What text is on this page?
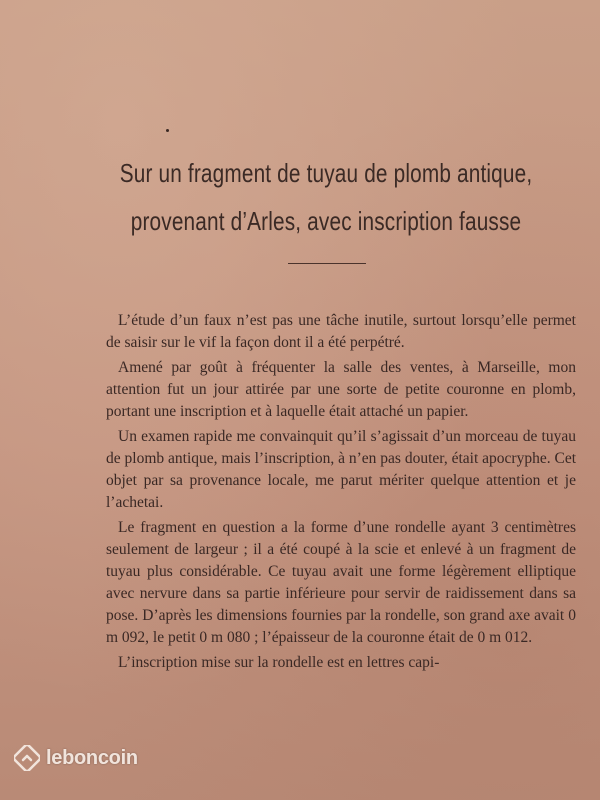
Sur un fragment de tuyau de plomb antique,
provenant d’Arles, avec inscription fausse

L’étude d’un faux n’est pas une tâche inutile, surtout lorsqu’elle permet de saisir sur le vif la façon dont il a été perpétré.

Amené par goût à fréquenter la salle des ventes, à Marseille, mon attention fut un jour attirée par une sorte de petite couronne en plomb, portant une inscription et à laquelle était attaché un papier.

Un examen rapide me convainquit qu’il s’agissait d’un morceau de tuyau de plomb antique, mais l’inscription, à n’en pas douter, était apocryphe. Cet objet par sa provenance locale, me parut mériter quelque attention et je l’achetai.

Le fragment en question a la forme d’une rondelle ayant 3 centimètres seulement de largeur ; il a été coupé à la scie et enlevé à un fragment de tuyau plus considérable. Ce tuyau avait une forme légèrement elliptique avec nervure dans sa partie inférieure pour servir de raidissement dans sa pose. D’après les dimensions fournies par la rondelle, son grand axe avait 0 m 092, le petit 0 m 080 ; l’épaisseur de la couronne était de 0 m 012.

L’inscription mise sur la rondelle est en lettres capi-

leboncoin
